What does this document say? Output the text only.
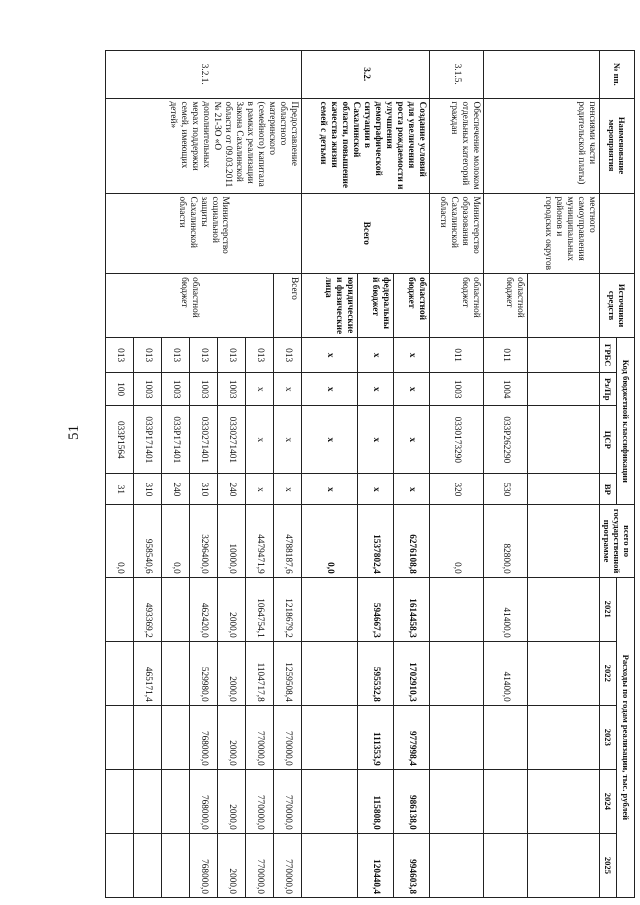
51
№ пп.	Наименование мероприятия		Источники средств	Код бюджетной классификации				всего по государственной программе	Расходы по годам реализации, тыс. рублей				
				ГРБС	Рз/Пр	ЦСР	ВР		2021	2022	2023	2024	2025
	пенсиями части родительской платы)	местного самоуправления муниципальных районов и городских округов											
			областной бюджет	011	1004	033Р262290	530	82800,0	41400,0	41400,0			
3.1.5.	Обеспечение молоком отдельных категорий граждан	Министерство образования Сахалинской области	областной бюджет	011	1003	0330173290	320	0,0					
3.2.	Создание условий для увеличения роста рождаемости и улучшения демографической ситуации в Сахалинской области, повышение качества жизни семей с детьми	Всего	областной бюджет	x	x	x	x	6276108,8	1614458,3	1702910,3	977998,4	986138,0	994603,8
			федеральный бюджет	x	x	x	x	1537802,4	594667,3	595532,8	111353,9	115808,0	120440,4
			юридические и физические лица	x	x	x	x	0,0					
3.2.1.	Предоставление областного материнского (семейного) капитала в рамках реализации Закона Сахалинской области от 09.03.2011 № 21-ЗО «О дополнительных мерах поддержки семей, имеющих детей»	Министерство социальной защиты Сахалинской области	Всего	013	x	x	x	4788187,6	1218679,2	1259508,4	770000,0	770000,0	770000,0
			областной бюджет	013	x	x	x	4479471,9	1064754,1	1104717,8	770000,0	770000,0	770000,0
				013	1003	0330271401	240	10000,0	2000,0	2000,0	2000,0	2000,0	2000,0
				013	1003	0330271401	310	3296400,0	462420,0	529980,0	768000,0	768000,0	768000,0
				013	1003	033P171401	240	0,0					
				013	1003	033P171401	310	958540,6	493369,2	465171,4			
				013	100	033P1564	31	0,0					
